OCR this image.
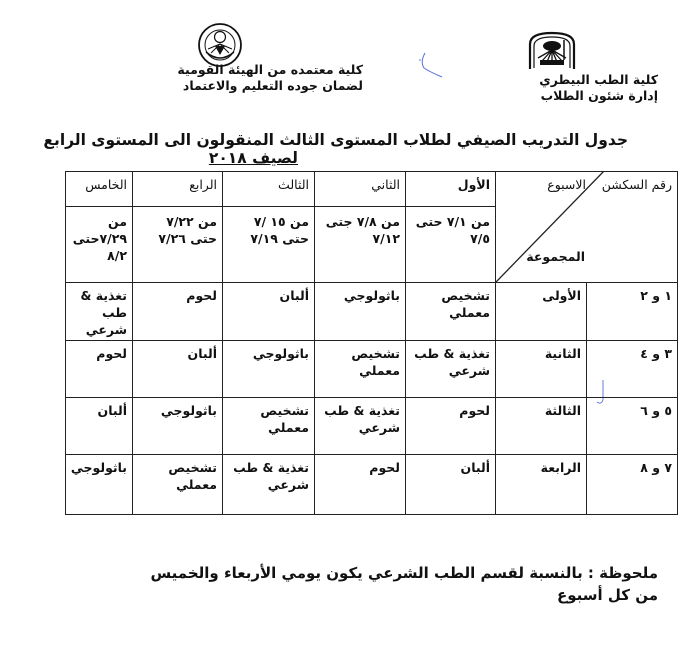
كلية الطب البيطري
إدارة شئون الطلاب
كلية معتمده من الهيئة القومية
لضمان جوده التعليم والاعتماد
جدول التدريب الصيفي لطلاب المستوى الثالث المنقولون الى المستوى الرابع
لصيف ٢٠١٨
رقم السكشن
الاسبوع
المجموعة
الأول
الثاني
الثالث
الرابع
الخامس
من ٧/١ حتى ٧/٥
من ٧/٨ جتى ٧/١٢
من ١٥ /٧ حتى ٧/١٩
من ٧/٢٢ حتى ٧/٢٦
من ٧/٢٩حتى ٨/٢
١ و ٢
الأولى
تشخيص معملي
باثولوجي
ألبان
لحوم
تغذية & طب شرعي
٣ و ٤
الثانية
تغذية & طب شرعي
تشخيص معملي
باثولوجي
ألبان
لحوم
٥ و ٦
الثالثة
لحوم
تغذية & طب شرعي
تشخيص معملي
باثولوجي
ألبان
٧ و ٨
الرابعة
ألبان
لحوم
تغذية & طب شرعي
تشخيص معملي
باثولوجي
ملحوظة : بالنسبة لقسم الطب الشرعي يكون يومي الأربعاء والخميس من كل أسبوع
